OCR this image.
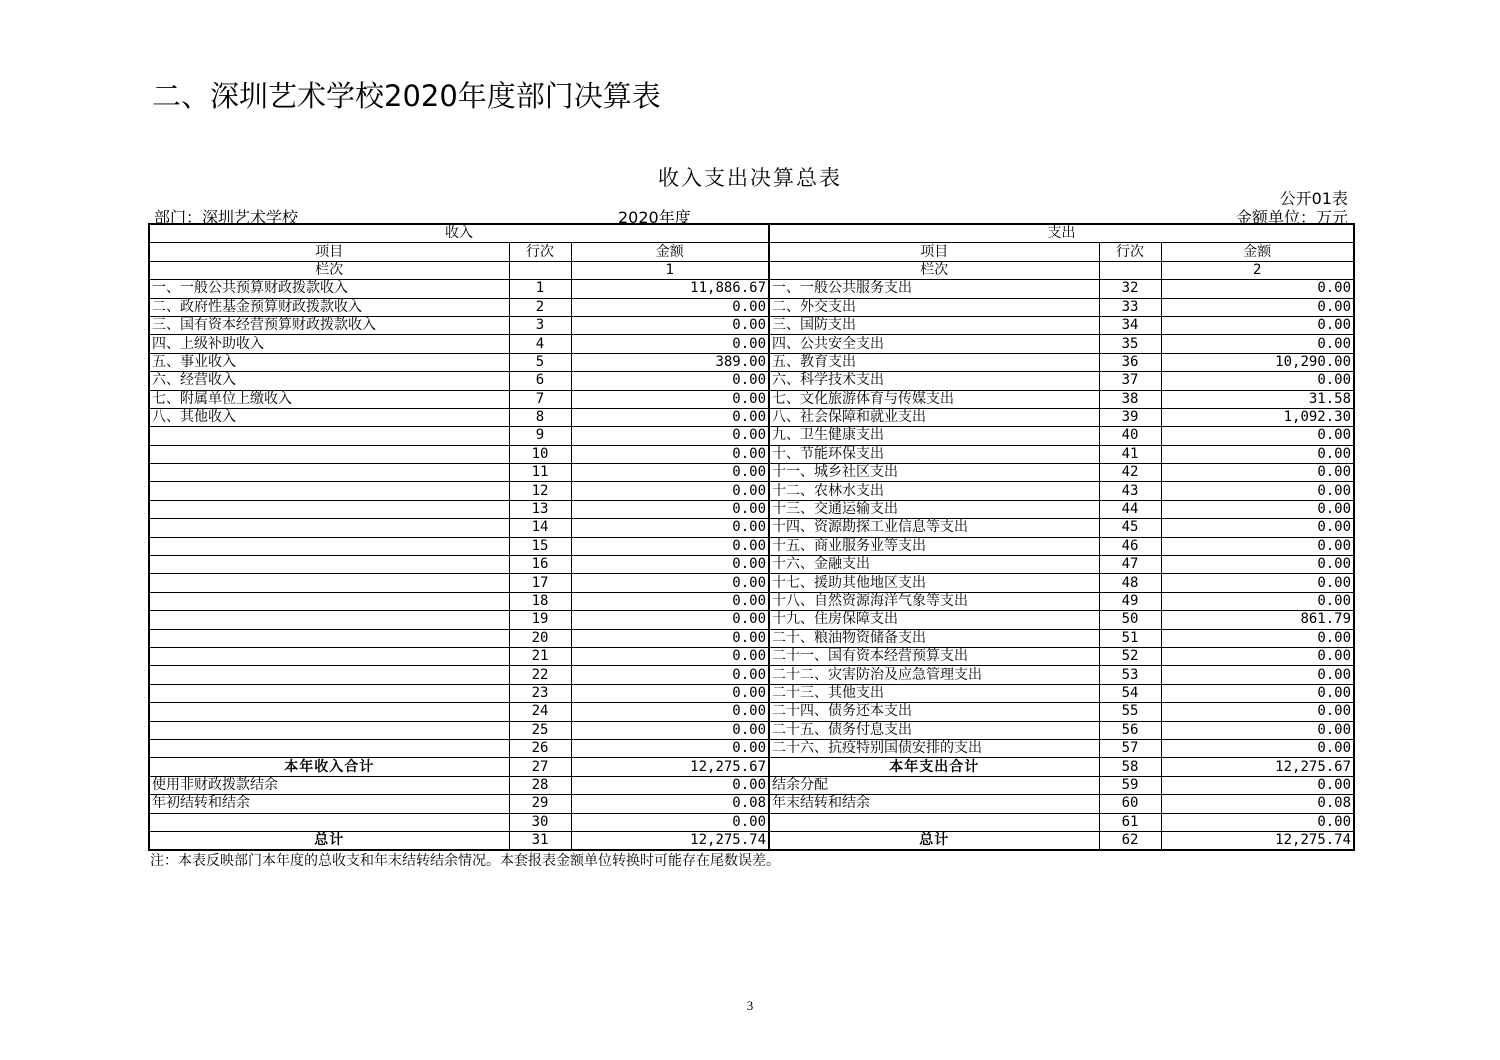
二、深圳艺术学校2020年度部门决算表
收入支出决算总表
公开01表
部门：深圳艺术学校	2020年度	金额单位：万元
收入			支出		
项目	行次	金额	项目	行次	金额
栏次		1	栏次		2
一、一般公共预算财政拨款收入	1	11,886.67	一、一般公共服务支出	32	0.00
二、政府性基金预算财政拨款收入	2	0.00	二、外交支出	33	0.00
三、国有资本经营预算财政拨款收入	3	0.00	三、国防支出	34	0.00
四、上级补助收入	4	0.00	四、公共安全支出	35	0.00
五、事业收入	5	389.00	五、教育支出	36	10,290.00
六、经营收入	6	0.00	六、科学技术支出	37	0.00
七、附属单位上缴收入	7	0.00	七、文化旅游体育与传媒支出	38	31.58
八、其他收入	8	0.00	八、社会保障和就业支出	39	1,092.30
	9	0.00	九、卫生健康支出	40	0.00
	10	0.00	十、节能环保支出	41	0.00
	11	0.00	十一、城乡社区支出	42	0.00
	12	0.00	十二、农林水支出	43	0.00
	13	0.00	十三、交通运输支出	44	0.00
	14	0.00	十四、资源勘探工业信息等支出	45	0.00
	15	0.00	十五、商业服务业等支出	46	0.00
	16	0.00	十六、金融支出	47	0.00
	17	0.00	十七、援助其他地区支出	48	0.00
	18	0.00	十八、自然资源海洋气象等支出	49	0.00
	19	0.00	十九、住房保障支出	50	861.79
	20	0.00	二十、粮油物资储备支出	51	0.00
	21	0.00	二十一、国有资本经营预算支出	52	0.00
	22	0.00	二十二、灾害防治及应急管理支出	53	0.00
	23	0.00	二十三、其他支出	54	0.00
	24	0.00	二十四、债务还本支出	55	0.00
	25	0.00	二十五、债务付息支出	56	0.00
	26	0.00	二十六、抗疫特别国债安排的支出	57	0.00
本年收入合计	27	12,275.67	本年支出合计	58	12,275.67
使用非财政拨款结余	28	0.00	结余分配	59	0.00
年初结转和结余	29	0.08	年末结转和结余	60	0.08
	30	0.00		61	0.00
总计	31	12,275.74	总计	62	12,275.74
注：本表反映部门本年度的总收支和年末结转结余情况。本套报表金额单位转换时可能存在尾数误差。
3
